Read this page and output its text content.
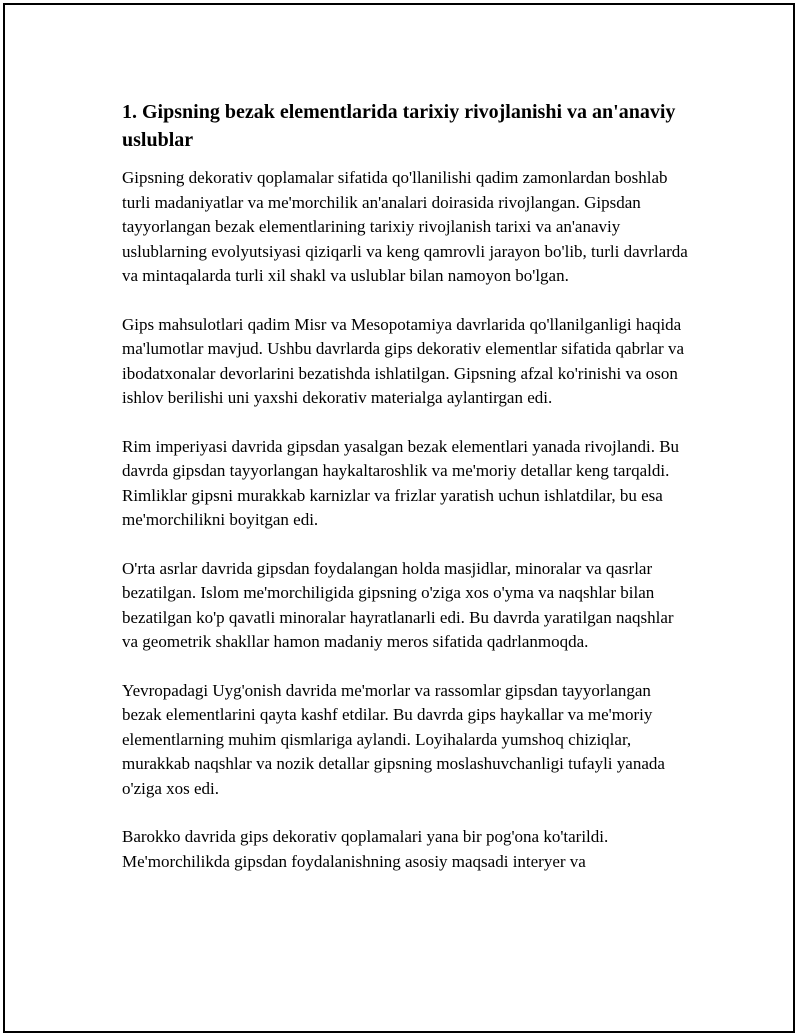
1. Gipsning bezak elementlarida tarixiy rivojlanishi va an'anaviy uslublar

Gipsning dekorativ qoplamalar sifatida qo'llanilishi qadim zamonlardan boshlab turli madaniyatlar va me'morchilik an'analari doirasida rivojlangan. Gipsdan tayyorlangan bezak elementlarining tarixiy rivojlanish tarixi va an'anaviy uslublarning evolyutsiyasi qiziqarli va keng qamrovli jarayon bo'lib, turli davrlarda va mintaqalarda turli xil shakl va uslublar bilan namoyon bo'lgan.

Gips mahsulotlari qadim Misr va Mesopotamiya davrlarida qo'llanilganligi haqida ma'lumotlar mavjud. Ushbu davrlarda gips dekorativ elementlar sifatida qabrlar va ibodatxonalar devorlarini bezatishda ishlatilgan. Gipsning afzal ko'rinishi va oson ishlov berilishi uni yaxshi dekorativ materialga aylantirgan edi.

Rim imperiyasi davrida gipsdan yasalgan bezak elementlari yanada rivojlandi. Bu davrda gipsdan tayyorlangan haykaltaroshlik va me'moriy detallar keng tarqaldi. Rimliklar gipsni murakkab karnizlar va frizlar yaratish uchun ishlatdilar, bu esa me'morchilikni boyitgan edi.

O'rta asrlar davrida gipsdan foydalangan holda masjidlar, minoralar va qasrlar bezatilgan. Islom me'morchiligida gipsning o'ziga xos o'yma va naqshlar bilan bezatilgan ko'p qavatli minoralar hayratlanarli edi. Bu davrda yaratilgan naqshlar va geometrik shakllar hamon madaniy meros sifatida qadrlanmoqda.

Yevropadagi Uyg'onish davrida me'morlar va rassomlar gipsdan tayyorlangan bezak elementlarini qayta kashf etdilar. Bu davrda gips haykallar va me'moriy elementlarning muhim qismlariga aylandi. Loyihalarda yumshoq chiziqlar, murakkab naqshlar va nozik detallar gipsning moslashuvchanligi tufayli yanada o'ziga xos edi.

Barokko davrida gips dekorativ qoplamalari yana bir pog'ona ko'tarildi. Me'morchilikda gipsdan foydalanishning asosiy maqsadi interyer va
